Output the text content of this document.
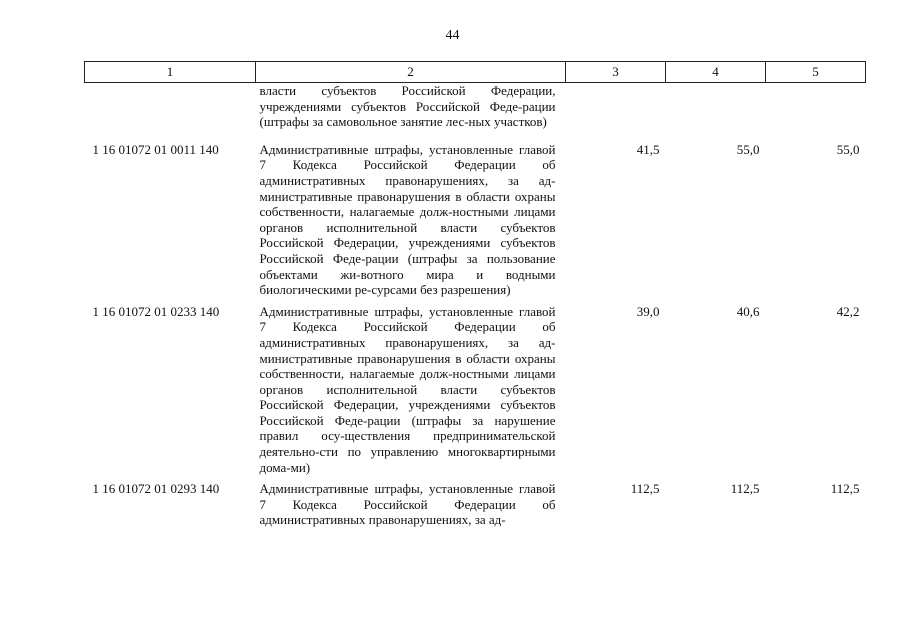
44
1	2	3	4	5
	власти субъектов Российской Федерации, учреждениями субъектов Российской Феде-рации (штрафы за самовольное занятие лес-ных участков)			
1 16 01072 01 0011 140	Административные штрафы, установленные главой 7 Кодекса Российской Федерации об административных правонарушениях, за ад-министративные правонарушения в области охраны собственности, налагаемые долж-ностными лицами органов исполнительной власти субъектов Российской Федерации, учреждениями субъектов Российской Феде-рации (штрафы за пользование объектами жи-вотного мира и водными биологическими ре-сурсами без разрешения)	41,5	55,0	55,0
1 16 01072 01 0233 140	Административные штрафы, установленные главой 7 Кодекса Российской Федерации об административных правонарушениях, за ад-министративные правонарушения в области охраны собственности, налагаемые долж-ностными лицами органов исполнительной власти субъектов Российской Федерации, учреждениями субъектов Российской Феде-рации (штрафы за нарушение правил осу-ществления предпринимательской деятельно-сти по управлению многоквартирными дома-ми)	39,0	40,6	42,2
1 16 01072 01 0293 140	Административные штрафы, установленные главой 7 Кодекса Российской Федерации об административных правонарушениях, за ад-	112,5	112,5	112,5
